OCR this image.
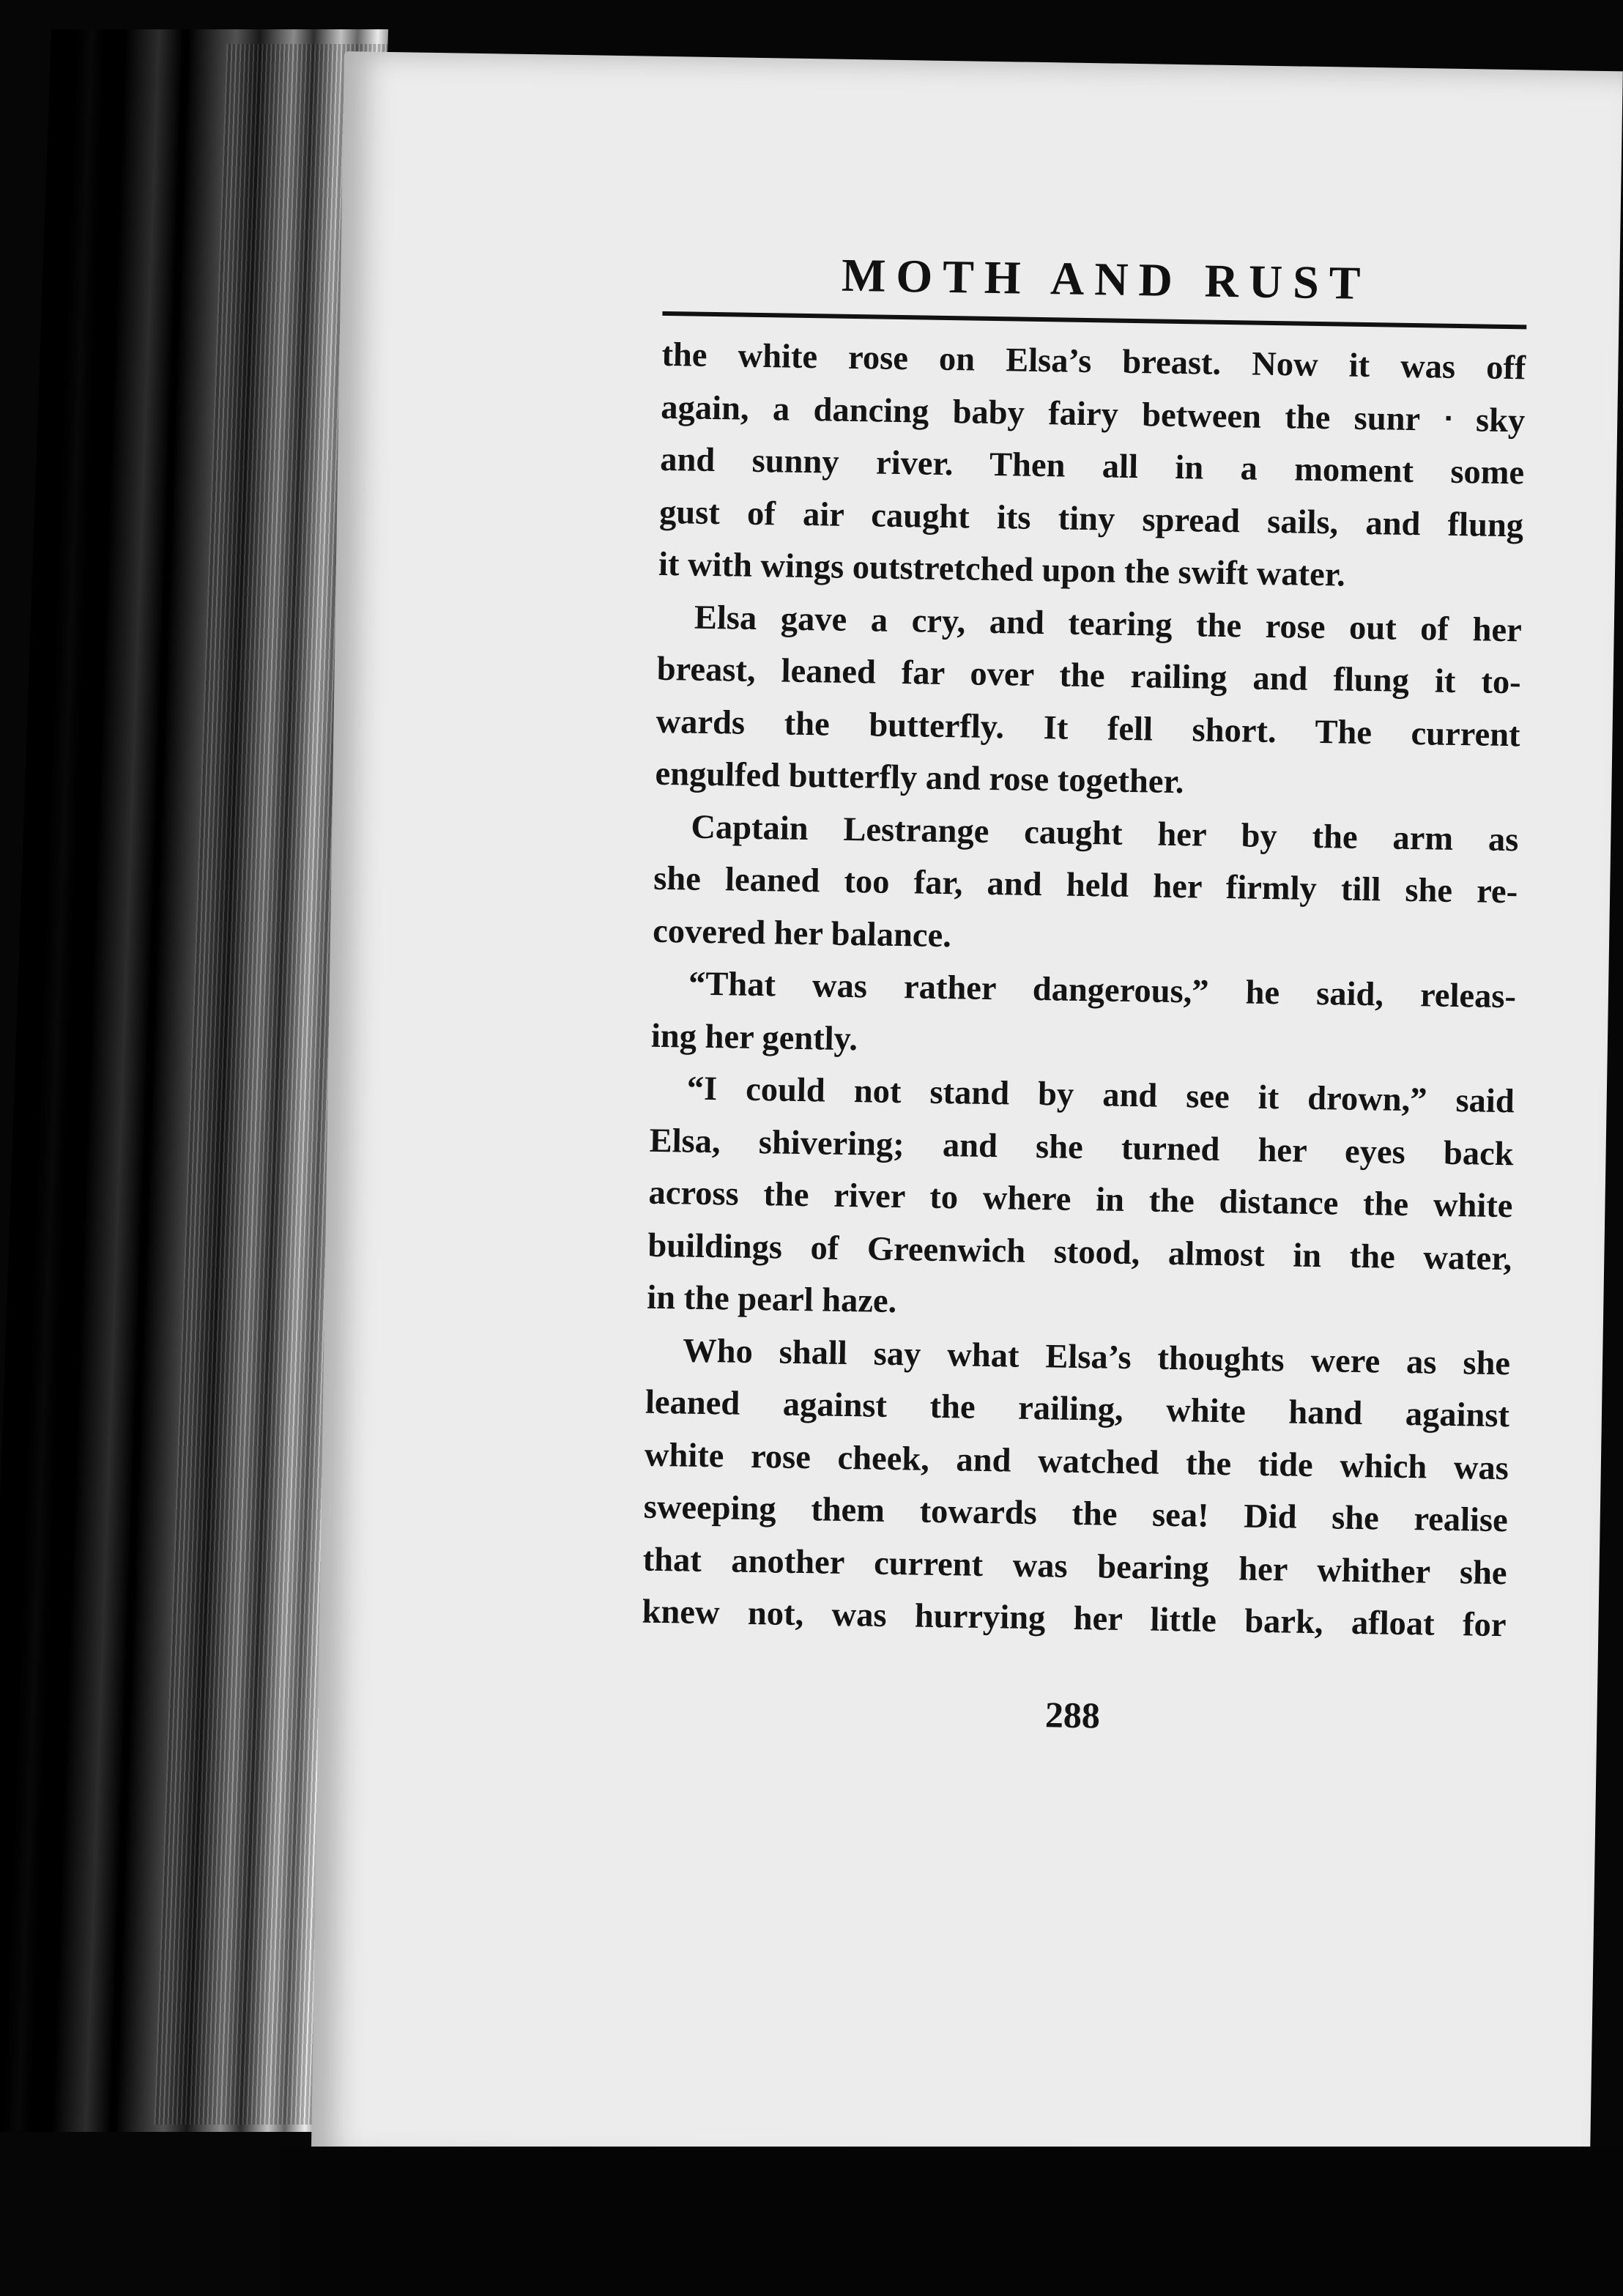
MOTH AND RUST
the white rose on Elsa’s breast. Now it was off
again, a dancing baby fairy between the sunr ᐧ sky
and sunny river. Then all in a moment some
gust of air caught its tiny spread sails, and flung
it with wings outstretched upon the swift water.
Elsa gave a cry, and tearing the rose out of her
breast, leaned far over the railing and flung it to-
wards the butterfly. It fell short. The current
engulfed butterfly and rose together.
Captain Lestrange caught her by the arm as
she leaned too far, and held her firmly till she re-
covered her balance.
“That was rather dangerous,” he said, releas-
ing her gently.
“I could not stand by and see it drown,” said
Elsa, shivering; and she turned her eyes back
across the river to where in the distance the white
buildings of Greenwich stood, almost in the water,
in the pearl haze.
Who shall say what Elsa’s thoughts were as she
leaned against the railing, white hand against
white rose cheek, and watched the tide which was
sweeping them towards the sea! Did she realise
that another current was bearing her whither she
knew not, was hurrying her little bark, afloat for
288
